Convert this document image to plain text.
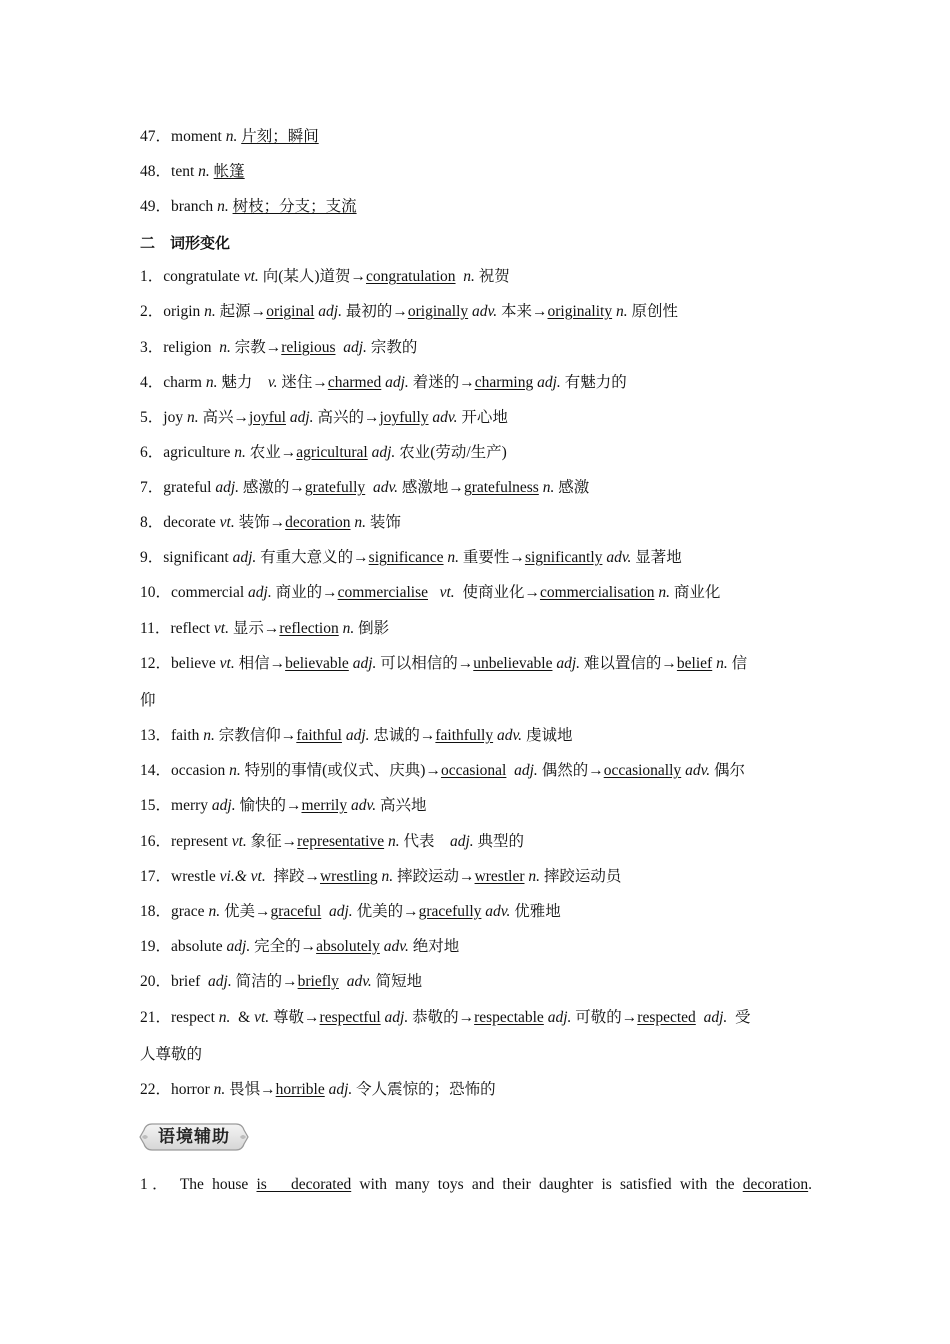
47．moment n. 片刻；瞬间
48．tent n. 帐篷
49．branch n. 树枝；分支；支流
二　词形变化
1．congratulate vt. 向(某人)道贺→congratulation n. 祝贺
2．origin n. 起源→original adj. 最初的→originally adv. 本来→originality n. 原创性
3．religion  n. 宗教→religious adj. 宗教的
4．charm n. 魅力　v. 迷住→charmed adj. 着迷的→charming adj. 有魅力的
5．joy n. 高兴→joyful adj. 高兴的→joyfully adv. 开心地
6．agriculture n. 农业→agricultural adj. 农业(劳动/生产)
7．grateful adj. 感激的→gratefully adv. 感激地→gratefulness n. 感激
8．decorate vt. 装饰→decoration n. 装饰
9．significant adj. 有重大意义的→significance n. 重要性→significantly adv. 显著地
10．commercial adj. 商业的→commercialise vt. 使商业化→commercialisation n. 商业化
11．reflect vt. 显示→reflection n. 倒影
12．believe vt. 相信→believable adj. 可以相信的→unbelievable adj. 难以置信的→belief n. 信
仰
13．faith n. 宗教信仰→faithful adj. 忠诚的→faithfully adv. 虔诚地
14．occasion n. 特别的事情(或仪式、庆典)→occasional adj. 偶然的→occasionally adv. 偶尔
15．merry adj. 愉快的→merrily adv. 高兴地
16．represent vt. 象征→representative n. 代表　adj. 典型的
17．wrestle vi.& vt. 摔跤→wrestling n. 摔跤运动→wrestler n. 摔跤运动员
18．grace n. 优美→graceful adj. 优美的→gracefully adv. 优雅地
19．absolute adj. 完全的→absolutely adv. 绝对地
20．brief  adj. 简洁的→briefly adv. 简短地
21．respect n. & vt. 尊敬→respectful adj. 恭敬的→respectable adj. 可敬的→respected adj. 受
人尊敬的
22．horror n. 畏惧→horrible adj. 令人震惊的；恐怖的
语境辅助
1． The house is　decorated with many toys and their daughter is satisfied with the decoration.
